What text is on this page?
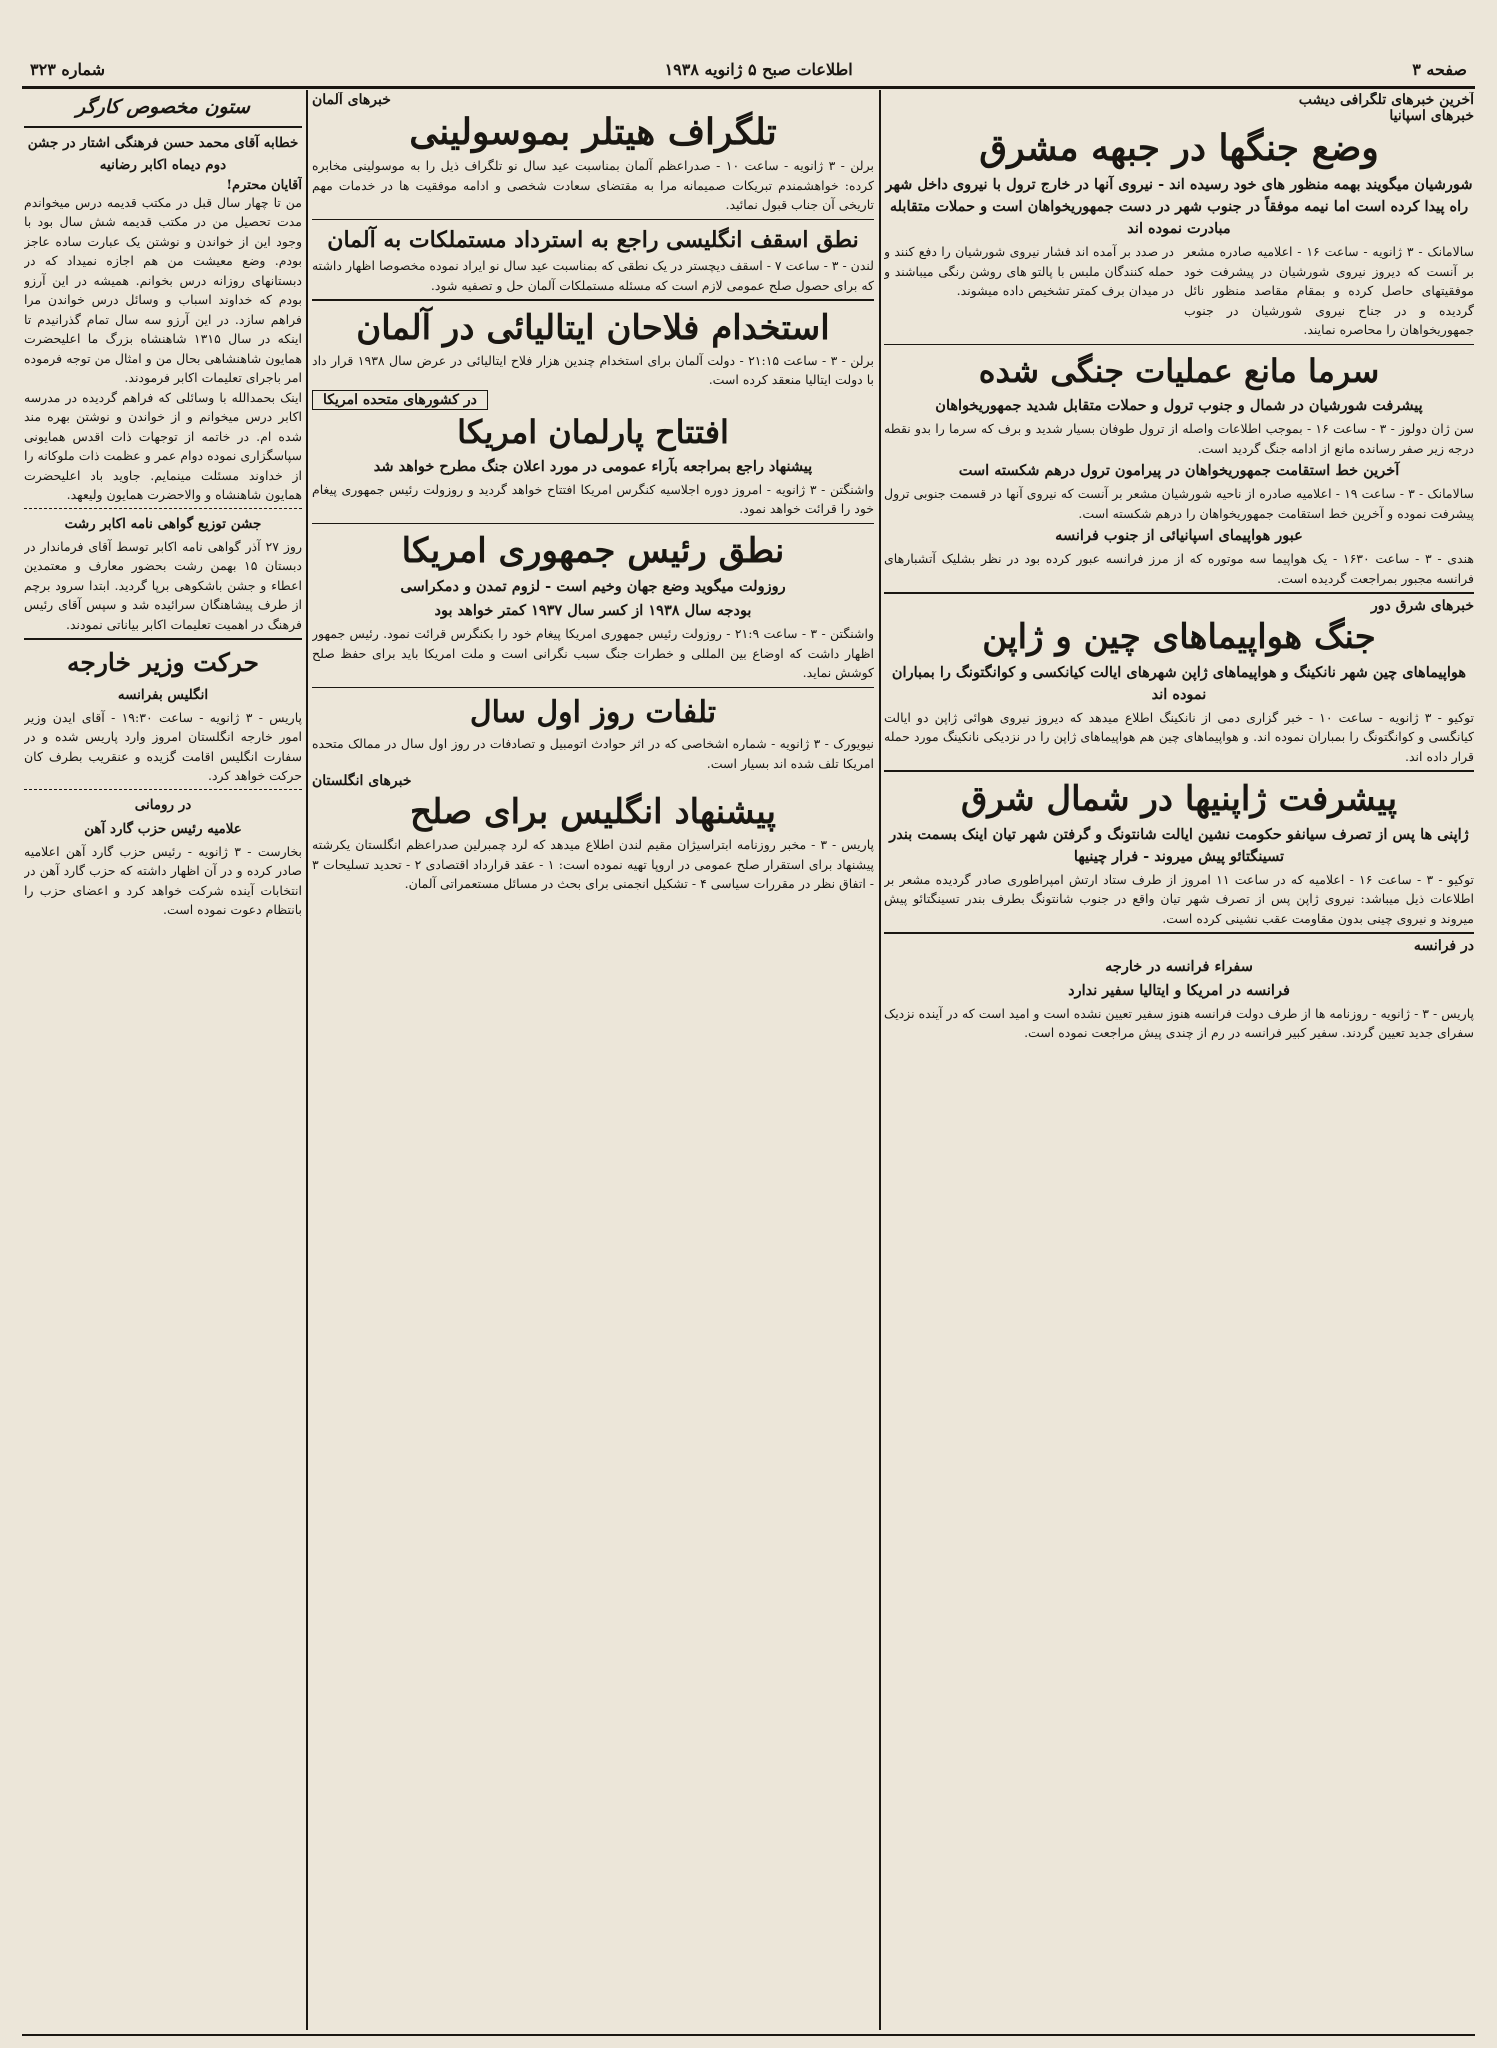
صفحه ۳
اطلاعات صبح ۵ ژانویه ۱۹۳۸
شماره ۳۲۳

آخرین خبرهای تلگرافی دیشب

خبرهای اسپانیا

وضع جنگها در جبهه مشرق

شورشیان میگویند بهمه منظور های خود رسیده اند - نیروی آنها در خارج ترول با نیروی داخل شهر راه پیدا کرده است اما نیمه موفقاً در جنوب شهر در دست جمهوریخواهان است و حملات متقابله مبادرت نموده اند

سالامانک - ۳ ژانویه - ساعت ۱۶ - اعلامیه صادره مشعر بر آنست که دیروز نیروی شورشیان در پیشرفت خود موفقیتهای حاصل کرده و بمقام مقاصد منظور نائل گردیده و در جناح نیروی شورشیان در جنوب جمهوریخواهان را محاصره نمایند.

در صدد بر آمده اند فشار نیروی شورشیان را دفع کنند و حمله کنندگان ملبس با پالتو های روشن رنگی میباشند و در میدان برف کمتر تشخیص داده میشوند.

سرما مانع عملیات جنگی شده

پیشرفت شورشیان در شمال و جنوب ترول و حملات متقابل شدید جمهوریخواهان

سن ژان دولوز - ۳ - ساعت ۱۶ - بموجب اطلاعات واصله از ترول طوفان بسیار شدید و برف که سرما را بدو نقطه درجه زیر صفر رسانده مانع از ادامه جنگ گردید است.

آخرین خط استقامت جمهوریخواهان در پیرامون ترول درهم شکسته است

سالامانک - ۳ - ساعت ۱۹ - اعلامیه صادره از ناحیه شورشیان مشعر بر آنست که نیروی آنها در قسمت جنوبی ترول پیشرفت نموده و آخرین خط استقامت جمهوریخواهان را درهم شکسته است.

عبور هواپیمای اسپانیائی از جنوب فرانسه

هندی - ۳ - ساعت ۱۶۳۰ - یک هواپیما سه موتوره که از مرز فرانسه عبور کرده بود در نظر بشلیک آتشبارهای فرانسه مجبور بمراجعت گردیده است.

خبرهای شرق دور

جنگ هواپیماهای چین و ژاپن

هواپیماهای چین شهر نانکینگ و هواپیماهای ژاپن شهرهای ایالت کیانکسی و کوانگتونگ را بمباران نموده اند

توکیو - ۳ ژانویه - ساعت ۱۰ - خبر گزاری دمی از نانکینگ اطلاع میدهد که دیروز نیروی هوائی ژاپن دو ایالت کیانگسی و کوانگتونگ را بمباران نموده اند. و هواپیماهای چین هم هواپیماهای ژاپن را در نزدیکی نانکینگ مورد حمله قرار داده اند.

پیشرفت ژاپنیها در شمال شرق

ژاپنی ها پس از تصرف سیانفو حکومت نشین ایالت شانتونگ و گرفتن شهر تیان اینک بسمت بندر تسینگتائو پیش میروند - فرار چینیها

توکیو - ۳ - ساعت ۱۶ - اعلامیه که در ساعت ۱۱ امروز از طرف ستاد ارتش امپراطوری صادر گردیده مشعر بر اطلاعات ذیل میباشد: نیروی ژاپن پس از تصرف شهر تیان واقع در جنوب شانتونگ بطرف بندر تسینگتائو پیش میروند و نیروی چینی بدون مقاومت عقب نشینی کرده است.

در فرانسه

سفراء فرانسه در خارجه

فرانسه در امریکا و ایتالیا سفیر ندارد

پاریس - ۳ - ژانویه - روزنامه ها از طرف دولت فرانسه هنوز سفیر تعیین نشده است و امید است که در آینده نزدیک سفرای جدید تعیین گردند. سفیر کبیر فرانسه در رم از چندی پیش مراجعت نموده است.

خبرهای آلمان

تلگراف هیتلر بموسولینی

برلن - ۳ ژانویه - ساعت ۱۰ - صدراعظم آلمان بمناسبت عید سال نو تلگراف ذیل را به موسولینی مخابره کرده: خواهشمندم تبریکات صمیمانه مرا به مقتضای سعادت شخصی و ادامه موفقیت ها در خدمات مهم تاریخی آن جناب قبول نمائید.

نطق اسقف انگلیسی راجع به استرداد مستملکات به آلمان

لندن - ۳ - ساعت ۷ - اسقف دیچستر در یک نطقی که بمناسبت عید سال نو ایراد نموده مخصوصا اظهار داشته که برای حصول صلح عمومی لازم است که مسئله مستملکات آلمان حل و تصفیه شود.

استخدام فلاحان ایتالیائی در آلمان

برلن - ۳ - ساعت ۲۱:۱۵ - دولت آلمان برای استخدام چندین هزار فلاح ایتالیائی در عرض سال ۱۹۳۸ قرار داد با دولت ایتالیا منعقد کرده است.

در کشورهای متحده امریکا

افتتاح پارلمان امریکا

پیشنهاد راجع بمراجعه بآراء عمومی در مورد اعلان جنگ مطرح خواهد شد

واشنگتن - ۳ ژانویه - امروز دوره اجلاسیه کنگرس امریکا افتتاح خواهد گردید و روزولت رئیس جمهوری پیغام خود را قرائت خواهد نمود.

نطق رئیس جمهوری امریکا

روزولت میگوید وضع جهان وخیم است - لزوم تمدن و دمکراسی

بودجه سال ۱۹۳۸ از کسر سال ۱۹۳۷ کمتر خواهد بود

واشنگتن - ۳ - ساعت ۲۱:۹ - روزولت رئیس جمهوری امریکا پیغام خود را بکنگرس قرائت نمود. رئیس جمهور اظهار داشت که اوضاع بین المللی و خطرات جنگ سبب نگرانی است و ملت امریکا باید برای حفظ صلح کوشش نماید.

تلفات روز اول سال

نیویورک - ۳ ژانویه - شماره اشخاصی که در اثر حوادث اتومبیل و تصادفات در روز اول سال در ممالک متحده امریکا تلف شده اند بسیار است.

خبرهای انگلستان

پیشنهاد انگلیس برای صلح

پاریس - ۳ - مخبر روزنامه ابتراسیژان مقیم لندن اطلاع میدهد که لرد چمبرلین صدراعظم انگلستان یکرشته پیشنهاد برای استقرار صلح عمومی در اروپا تهیه نموده است: ۱ - عقد قرارداد اقتصادی ۲ - تحدید تسلیحات ۳ - اتفاق نظر در مقررات سیاسی ۴ - تشکیل انجمنی برای بحث در مسائل مستعمراتی آلمان.

ستون مخصوص کارگر

خطابه آقای محمد حسن فرهنگی اشتار در جشن دوم دیماه اکابر رضانیه

آقایان محترم!

من تا چهار سال قبل در مکتب قدیمه درس میخواندم مدت تحصیل من در مکتب قدیمه شش سال بود با وجود این از خواندن و نوشتن یک عبارت ساده عاجز بودم. وضع معیشت من هم اجازه نمیداد که در دبستانهای روزانه درس بخوانم. همیشه در این آرزو بودم که خداوند اسباب و وسائل درس خواندن مرا فراهم سازد. در این آرزو سه سال تمام گذرانیدم تا اینکه در سال ۱۳۱۵ شاهنشاه بزرگ ما اعلیحضرت همایون شاهنشاهی بحال من و امثال من توجه فرموده امر باجرای تعلیمات اکابر فرمودند.

اینک بحمدالله با وسائلی که فراهم گردیده در مدرسه اکابر درس میخوانم و از خواندن و نوشتن بهره مند شده ام. در خاتمه از توجهات ذات اقدس همایونی سپاسگزاری نموده دوام عمر و عظمت ذات ملوکانه را از خداوند مسئلت مینمایم. جاوید باد اعلیحضرت همایون شاهنشاه و والاحضرت همایون ولیعهد.

جشن توزیع گواهی نامه اکابر رشت

روز ۲۷ آذر گواهی نامه اکابر توسط آقای فرماندار در دبستان ۱۵ بهمن رشت بحضور معارف و معتمدین اعطاء و جشن باشکوهی برپا گردید. ابتدا سرود برچم از طرف پیشاهنگان سرائیده شد و سپس آقای رئیس فرهنگ در اهمیت تعلیمات اکابر بیاناتی نمودند.

حرکت وزیر خارجه

انگلیس بفرانسه

پاریس - ۳ ژانویه - ساعت ۱۹:۳۰ - آقای ایدن وزیر امور خارجه انگلستان امروز وارد پاریس شده و در سفارت انگلیس اقامت گزیده و عنقریب بطرف کان حرکت خواهد کرد.

در رومانی

علامیه رئیس حزب گارد آهن

بخارست - ۳ ژانویه - رئیس حزب گارد آهن اعلامیه صادر کرده و در آن اظهار داشته که حزب گارد آهن در انتخابات آینده شرکت خواهد کرد و اعضای حزب را بانتظام دعوت نموده است.
